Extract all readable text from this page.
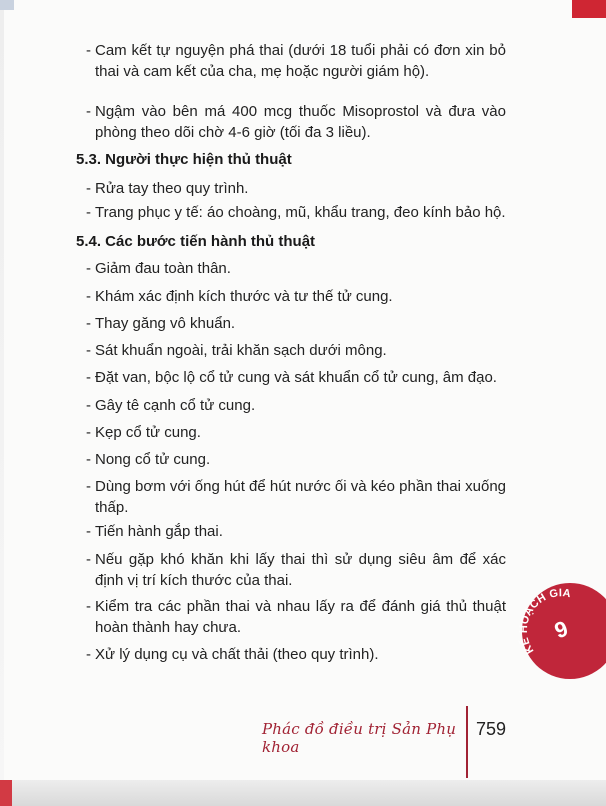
- Cam kết tự nguyện phá thai (dưới 18 tuổi phải có đơn xin bỏ thai và cam kết của cha, mẹ hoặc người giám hộ).
- Ngậm vào bên má 400 mcg thuốc Misoprostol và đưa vào phòng theo dõi chờ 4-6 giờ (tối đa 3 liều).
5.3. Người thực hiện thủ thuật
- Rửa tay theo quy trình.
- Trang phục y tế: áo choàng, mũ, khẩu trang, đeo kính bảo hộ.
5.4. Các bước tiến hành thủ thuật
- Giảm đau toàn thân.
- Khám xác định kích thước và tư thế tử cung.
- Thay găng vô khuẩn.
- Sát khuẩn ngoài, trải khăn sạch dưới mông.
- Đặt van, bộc lộ cổ tử cung và sát khuẩn cổ tử cung, âm đạo.
- Gây tê cạnh cổ tử cung.
- Kẹp cổ tử cung.
- Nong cổ tử cung.
- Dùng bơm với ống hút để hút nước ối và kéo phần thai xuống thấp.
- Tiến hành gắp thai.
- Nếu gặp khó khăn khi lấy thai thì sử dụng siêu âm để xác định vị trí kích thước của thai.
- Kiểm tra các phần thai và nhau lấy ra để đánh giá thủ thuật hoàn thành hay chưa.
- Xử lý dụng cụ và chất thải (theo quy trình).	KẾ HOẠCH GIA
9
Phác đồ điều trị Sản Phụ khoa
759
